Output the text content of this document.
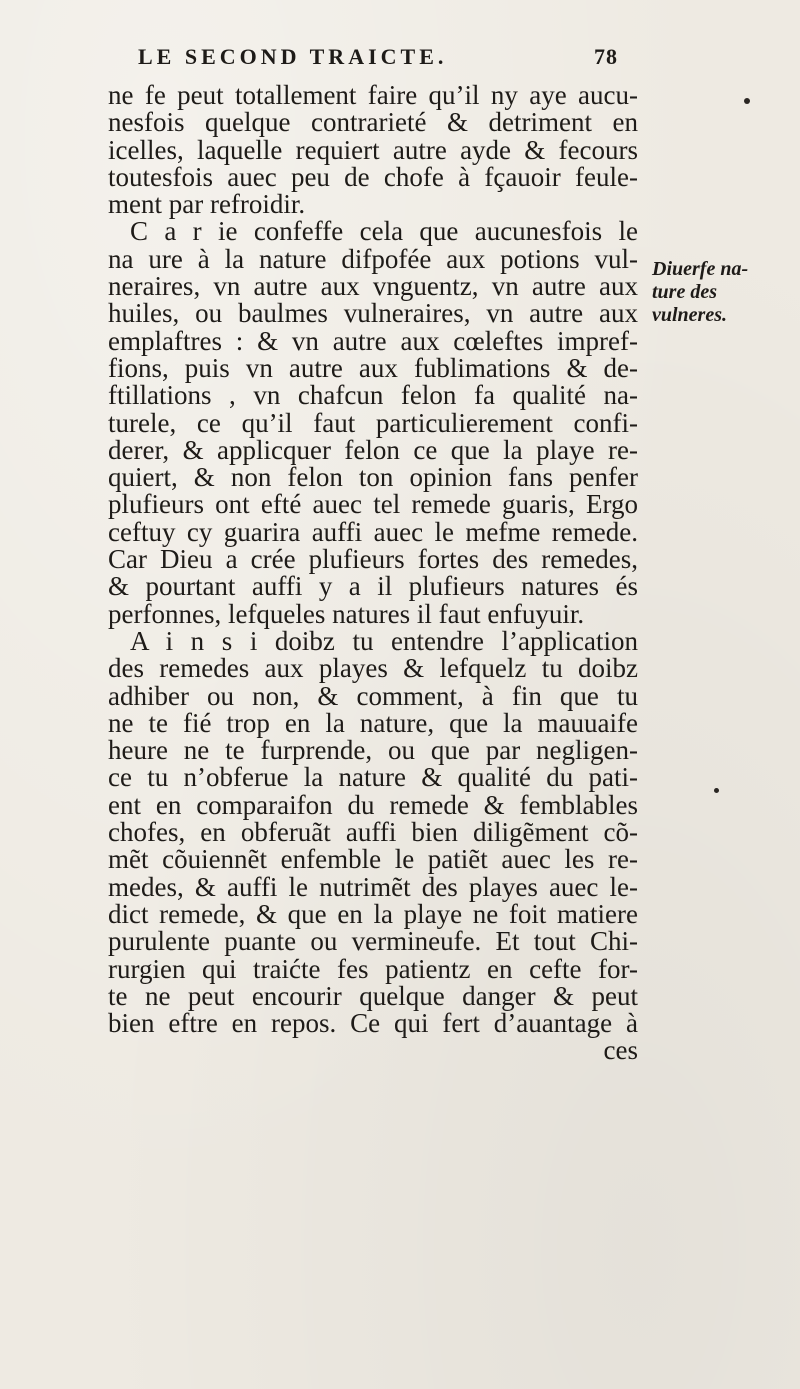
LE SECOND TRAICTE.	78
ne fe peut totallement faire qu’il ny aye aucu-
nesfois quelque contrarieté & detriment en
icelles, laquelle requiert autre ayde & fecours
toutesfois auec peu de chofe à fçauoir feule-
ment par refroidir.
C a r ie confeffe cela que aucunesfois le
na ure à la nature difpofée aux potions vul-
neraires, vn autre aux vnguentz, vn autre aux
huiles, ou baulmes vulneraires, vn autre aux
emplaftres : & vn autre aux cœleftes impref-
fions, puis vn autre aux fublimations & de-
ftillations , vn chafcun felon fa qualité na-
turele, ce qu’il faut particulierement confi-
derer, & applicquer felon ce que la playe re-
quiert, & non felon ton opinion fans penfer
plufieurs ont efté auec tel remede guaris, Ergo
ceftuy cy guarira auffi auec le mefme remede.
Car Dieu a crée plufieurs fortes des remedes,
& pourtant auffi y a il plufieurs natures és
perfonnes, lefqueles natures il faut enfuyuir.
A i n s i doibz tu entendre l’application
des remedes aux playes & lefquelz tu doibz
adhiber ou non, & comment, à fin que tu
ne te fié trop en la nature, que la mauuaife
heure ne te furprende, ou que par negligen-
ce tu n’obferue la nature & qualité du pati-
ent en comparaifon du remede & femblables
chofes, en obferuãt auffi bien diligẽment cõ-
mẽt cõuiennẽt enfemble le patiẽt auec les re-
medes, & auffi le nutrimẽt des playes auec le-
dict remede, & que en la playe ne foit matiere
purulente puante ou vermineufe. Et tout Chi-
rurgien qui traićte fes patientz en cefte for-
te ne peut encourir quelque danger & peut
bien eftre en repos. Ce qui fert d’auantage à
ces
Diuerfe na-
ture des
vulneres.
